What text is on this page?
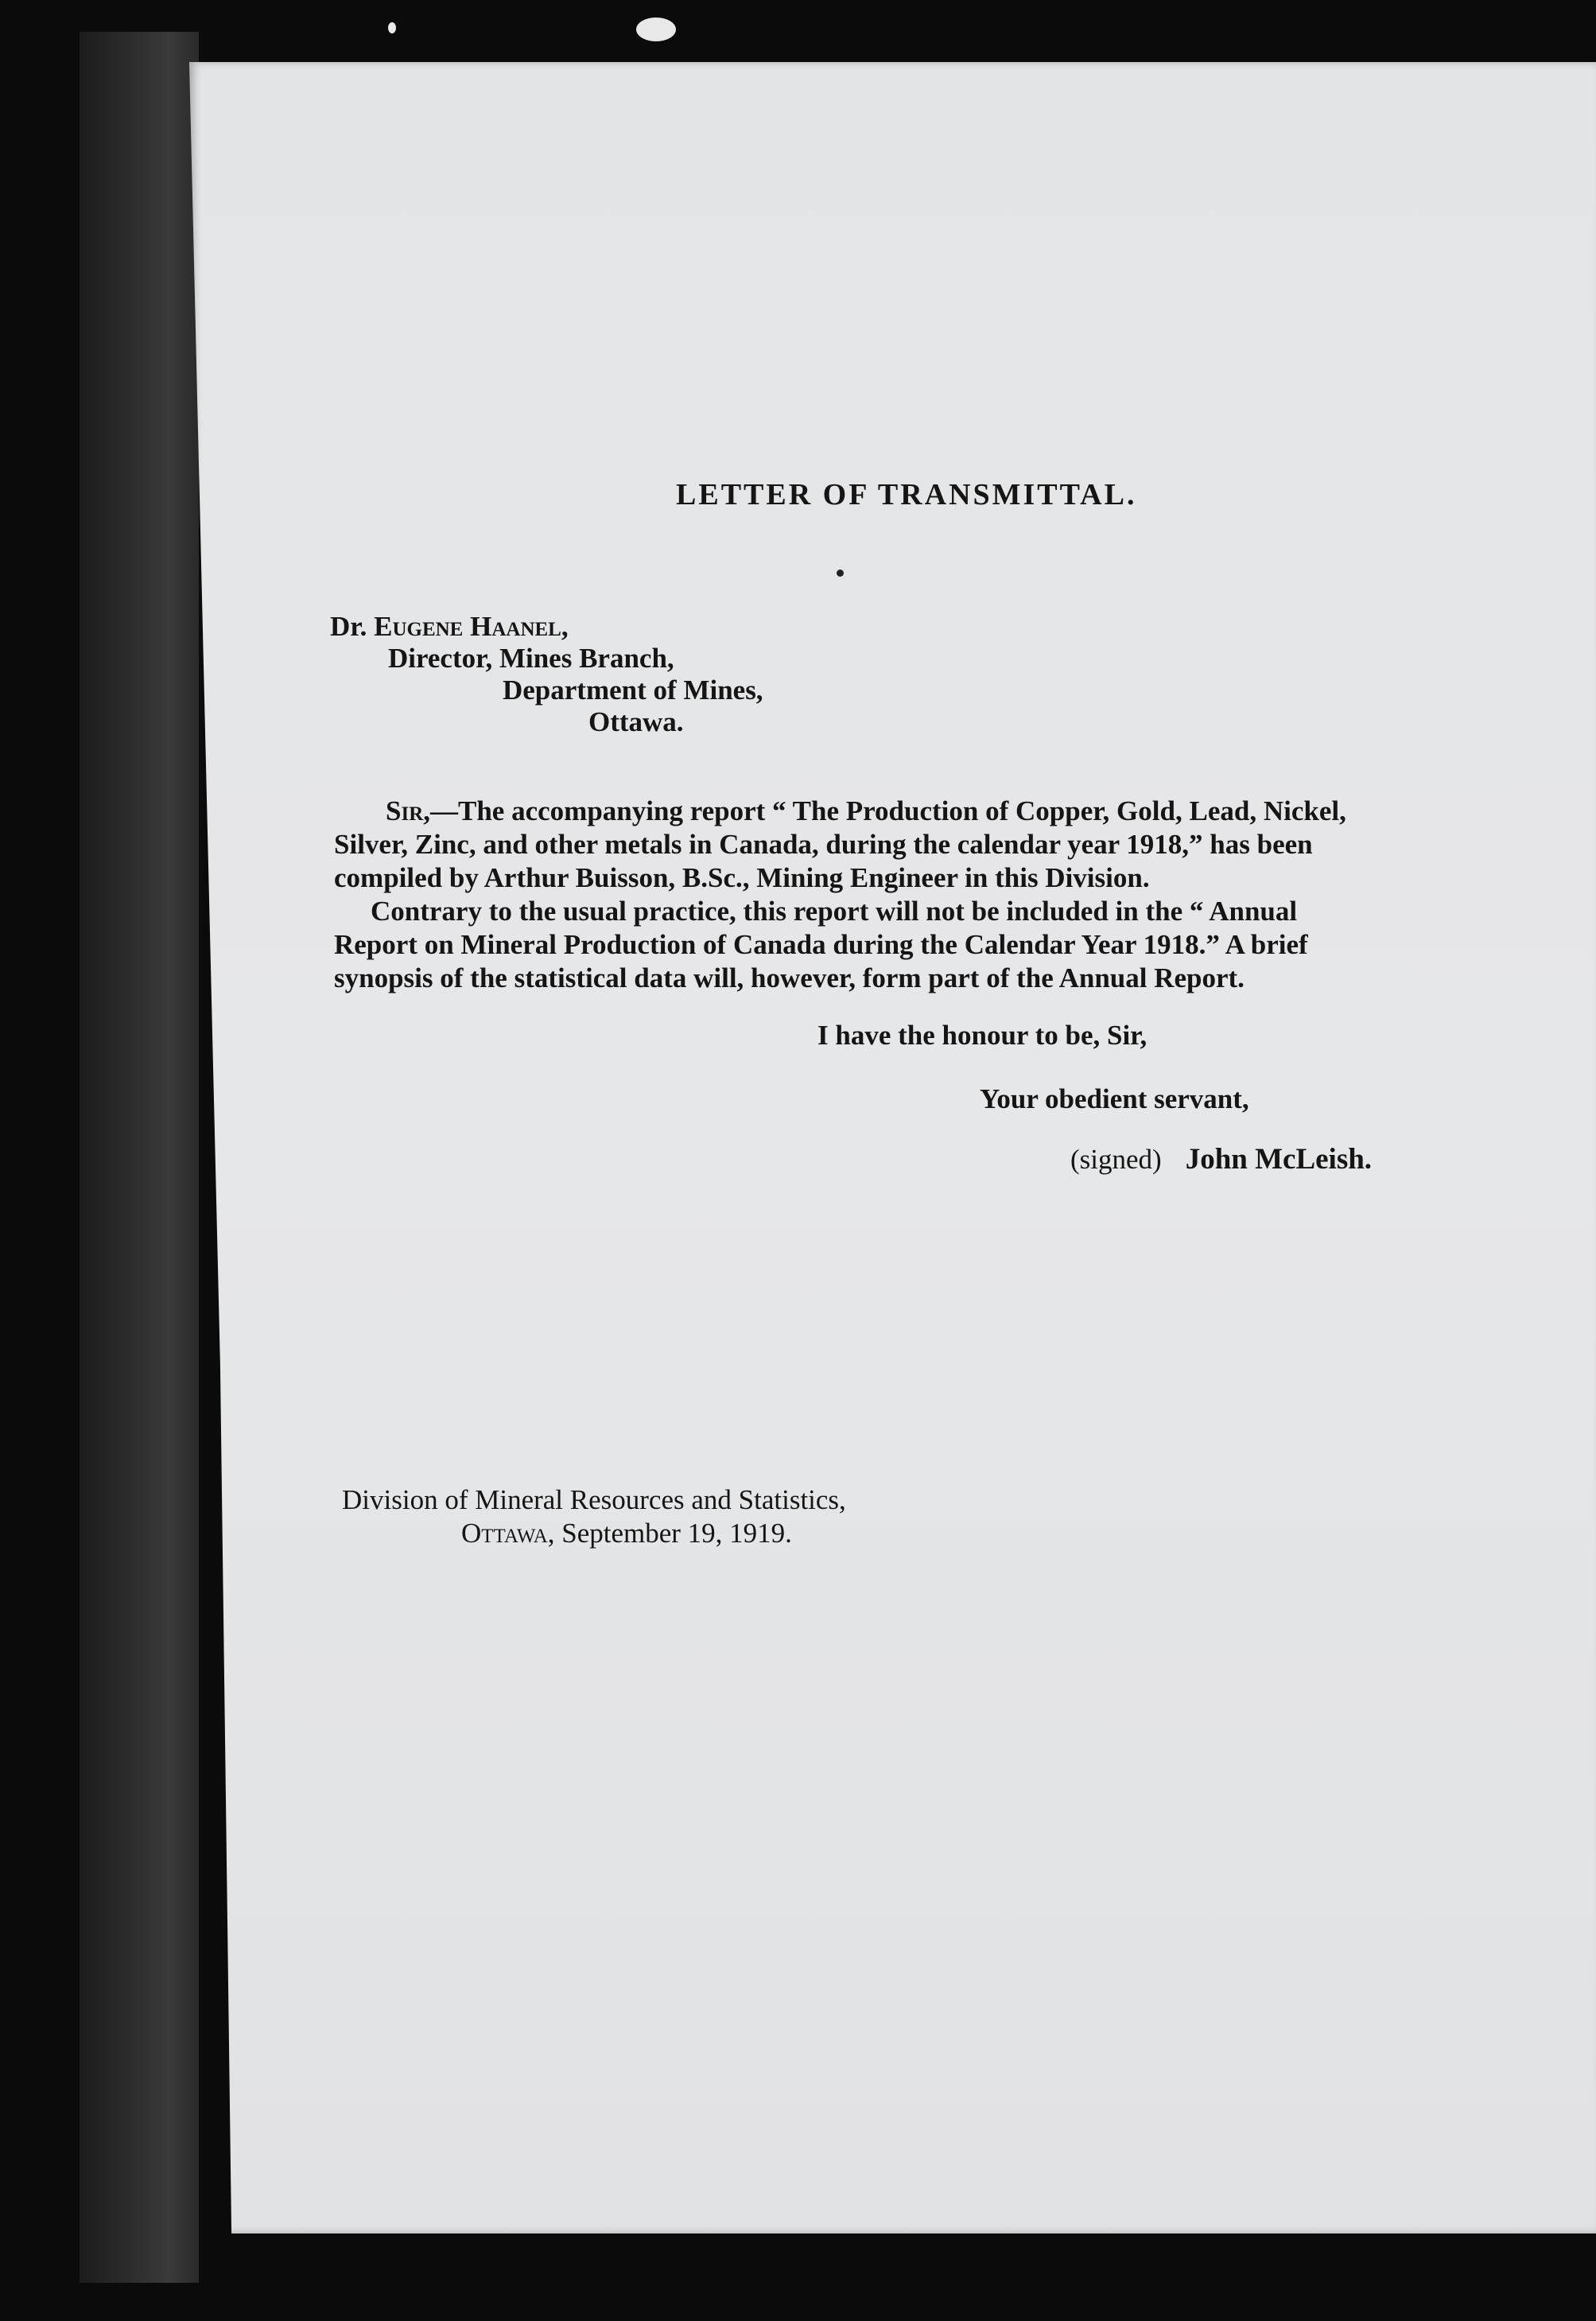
LETTER OF TRANSMITTAL.
Dr. Eugene Haanel,
Director, Mines Branch,
Department of Mines,
Ottawa.
Sir,—The accompanying report “ The Production of Copper, Gold, Lead, Nickel,
Silver, Zinc, and other metals in Canada, during the calendar year 1918,” has been
compiled by Arthur Buisson, B.Sc., Mining Engineer in this Division.
Contrary to the usual practice, this report will not be included in the “ Annual
Report on Mineral Production of Canada during the Calendar Year 1918.” A brief
synopsis of the statistical data will, however, form part of the Annual Report.
I have the honour to be, Sir,
Your obedient servant,
(signed) John McLeish.
Division of Mineral Resources and Statistics,
Ottawa, September 19, 1919.
